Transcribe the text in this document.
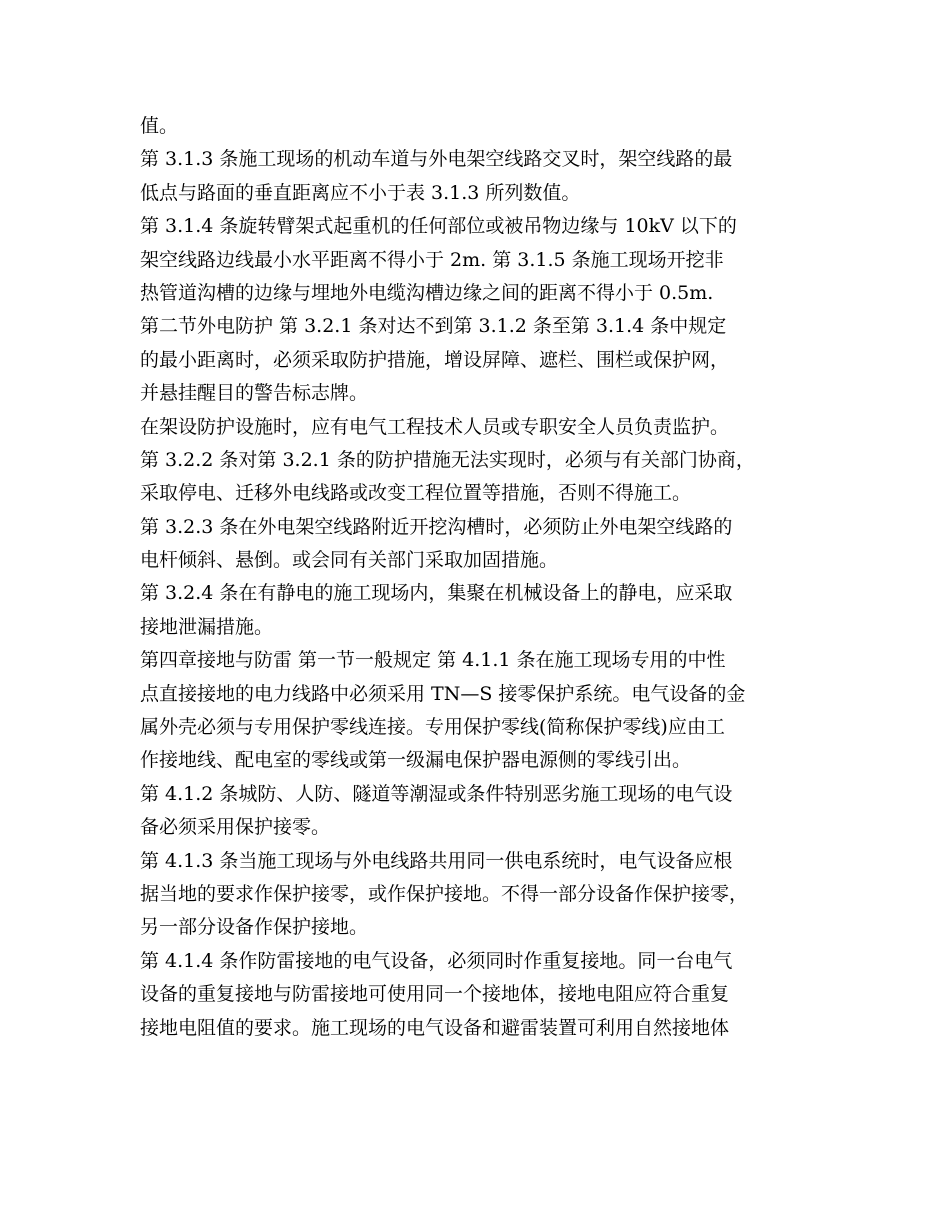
值。
第 3.1.3 条施工现场的机动车道与外电架空线路交叉时，架空线路的最
低点与路面的垂直距离应不小于表 3.1.3 所列数值。
第 3.1.4 条旋转臂架式起重机的任何部位或被吊物边缘与 10kV 以下的
架空线路边线最小水平距离不得小于 2m. 第 3.1.5 条施工现场开挖非
热管道沟槽的边缘与埋地外电缆沟槽边缘之间的距离不得小于 0.5m.
第二节外电防护 第 3.2.1 条对达不到第 3.1.2 条至第 3.1.4 条中规定
的最小距离时，必须采取防护措施，增设屏障、遮栏、围栏或保护网，
并悬挂醒目的警告标志牌。
在架设防护设施时，应有电气工程技术人员或专职安全人员负责监护。
第 3.2.2 条对第 3.2.1 条的防护措施无法实现时，必须与有关部门协商，
采取停电、迁移外电线路或改变工程位置等措施，否则不得施工。
第 3.2.3 条在外电架空线路附近开挖沟槽时，必须防止外电架空线路的
电杆倾斜、悬倒。或会同有关部门采取加固措施。
第 3.2.4 条在有静电的施工现场内，集聚在机械设备上的静电，应采取
接地泄漏措施。
第四章接地与防雷 第一节一般规定 第 4.1.1 条在施工现场专用的中性
点直接接地的电力线路中必须采用 TN—S 接零保护系统。电气设备的金
属外壳必须与专用保护零线连接。专用保护零线(简称保护零线)应由工
作接地线、配电室的零线或第一级漏电保护器电源侧的零线引出。
第 4.1.2 条城防、人防、隧道等潮湿或条件特别恶劣施工现场的电气设
备必须采用保护接零。
第 4.1.3 条当施工现场与外电线路共用同一供电系统时，电气设备应根
据当地的要求作保护接零，或作保护接地。不得一部分设备作保护接零，
另一部分设备作保护接地。
第 4.1.4 条作防雷接地的电气设备，必须同时作重复接地。同一台电气
设备的重复接地与防雷接地可使用同一个接地体，接地电阻应符合重复
接地电阻值的要求。施工现场的电气设备和避雷装置可利用自然接地体
